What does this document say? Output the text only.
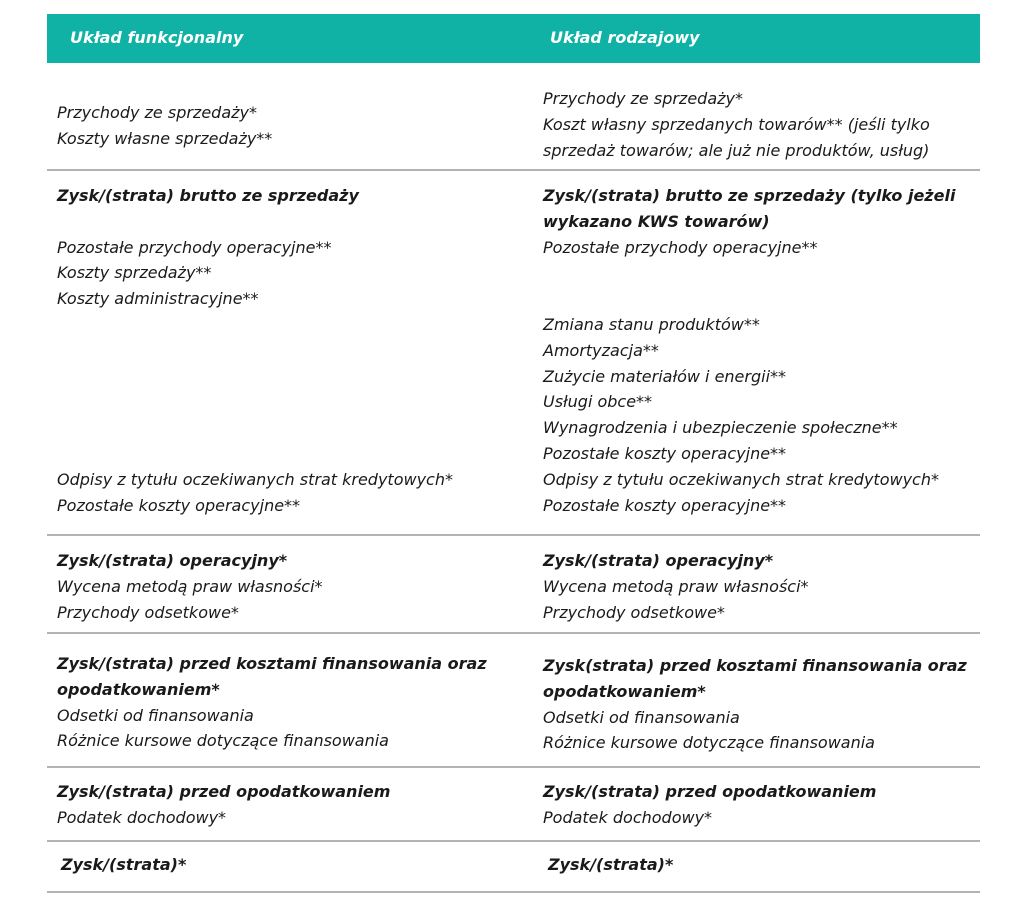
Układ funkcjonalny	Układ rodzajowy
Przychody ze sprzedaży*
Koszty własne sprzedaży**
Przychody ze sprzedaży*
Koszt własny sprzedanych towarów** (jeśli tylko
sprzedaż towarów; ale już nie produktów, usług)
Zysk/(strata) brutto ze sprzedaży
Pozostałe przychody operacyjne**
Koszty sprzedaży**
Koszty administracyjne**
Odpisy z tytułu oczekiwanych strat kredytowych*
Pozostałe koszty operacyjne**
Zysk/(strata) brutto ze sprzedaży (tylko jeżeli
wykazano KWS towarów)
Pozostałe przychody operacyjne**
Zmiana stanu produktów**
Amortyzacja**
Zużycie materiałów i energii**
Usługi obce**
Wynagrodzenia i ubezpieczenie społeczne**
Pozostałe koszty operacyjne**
Odpisy z tytułu oczekiwanych strat kredytowych*
Pozostałe koszty operacyjne**
Zysk/(strata) operacyjny*
Wycena metodą praw własności*
Przychody odsetkowe*
Zysk/(strata) operacyjny*
Wycena metodą praw własności*
Przychody odsetkowe*
Zysk/(strata) przed kosztami finansowania oraz
opodatkowaniem*
Odsetki od finansowania
Różnice kursowe dotyczące finansowania
Zysk(strata) przed kosztami finansowania oraz
opodatkowaniem*
Odsetki od finansowania
Różnice kursowe dotyczące finansowania
Zysk/(strata) przed opodatkowaniem
Podatek dochodowy*
Zysk/(strata) przed opodatkowaniem
Podatek dochodowy*
Zysk/(strata)*	Zysk/(strata)*
